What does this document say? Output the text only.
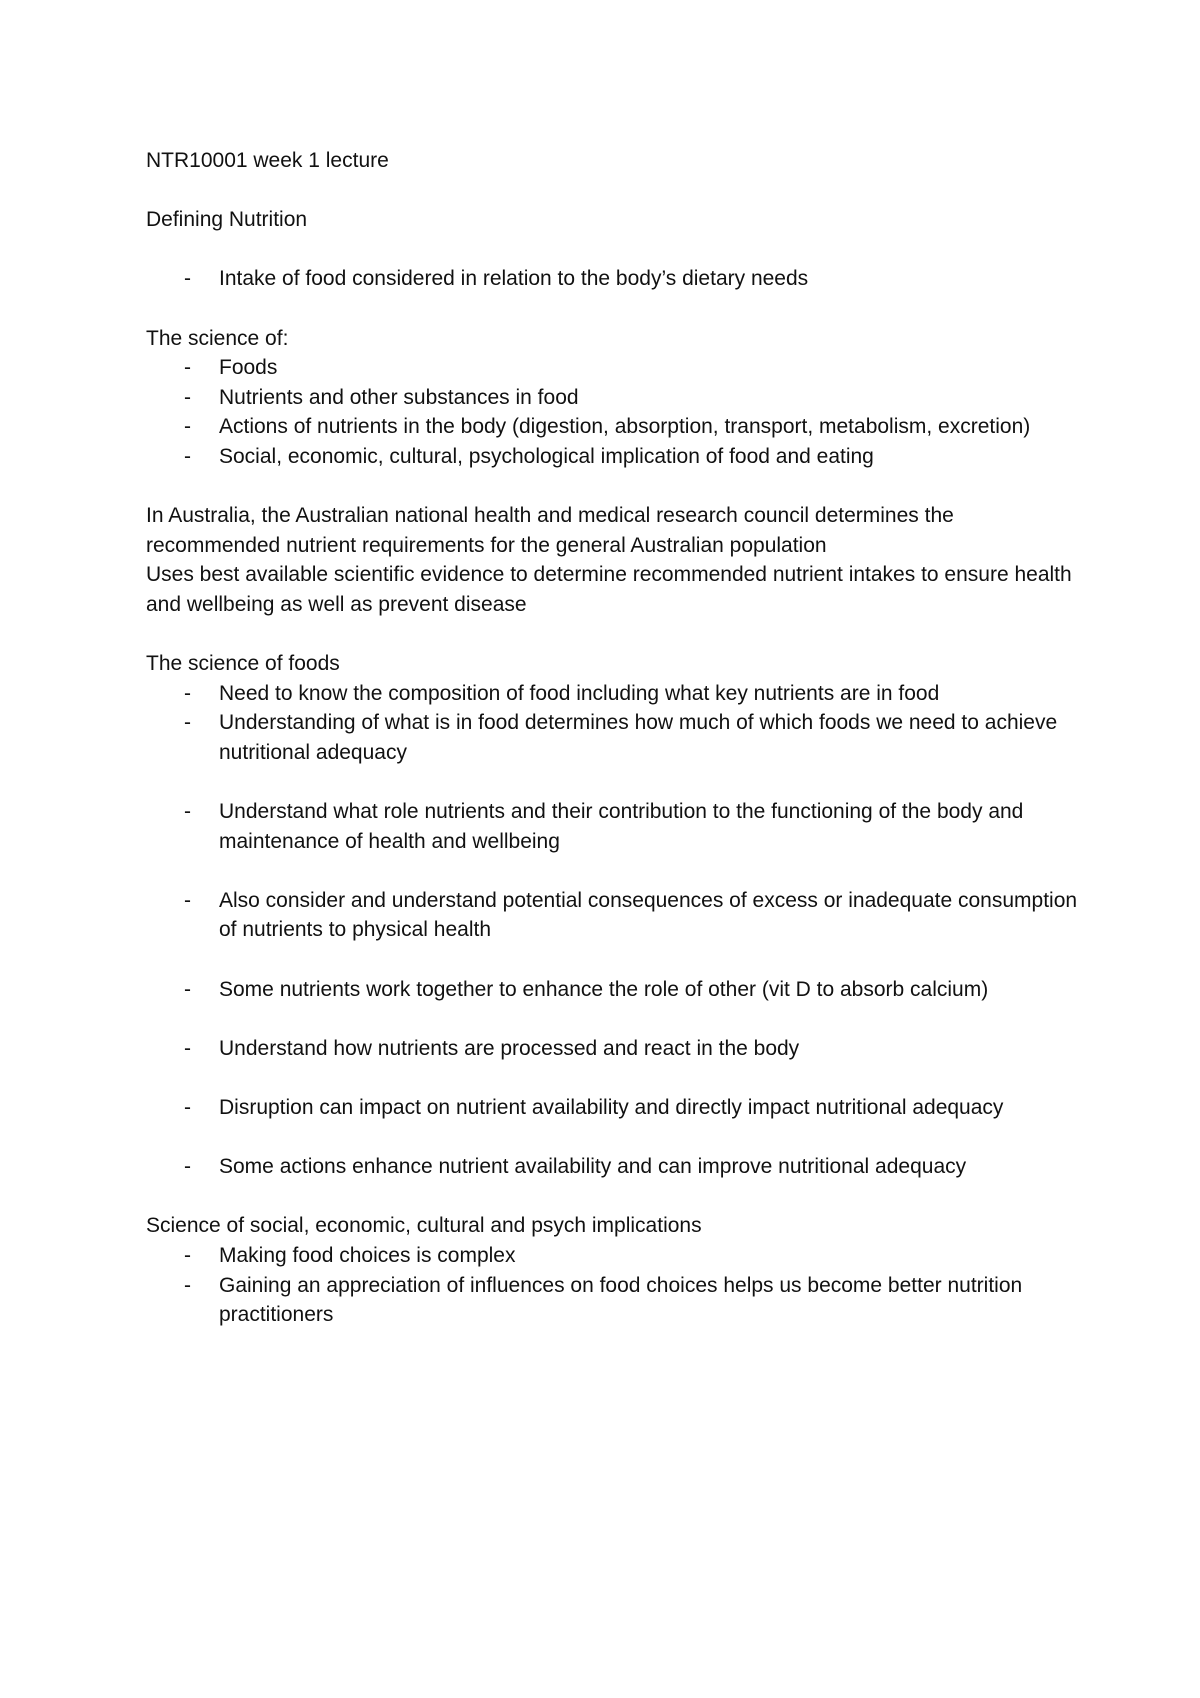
NTR10001 week 1 lecture

Defining Nutrition

- Intake of food considered in relation to the body’s dietary needs

The science of:

- Foods
- Nutrients and other substances in food
- Actions of nutrients in the body (digestion, absorption, transport, metabolism, excretion)
- Social, economic, cultural, psychological implication of food and eating

In Australia, the Australian national health and medical research council determines the recommended nutrient requirements for the general Australian population

Uses best available scientific evidence to determine recommended nutrient intakes to ensure health and wellbeing as well as prevent disease

The science of foods

- Need to know the composition of food including what key nutrients are in food
- Understanding of what is in food determines how much of which foods we need to achieve nutritional adequacy
- Understand what role nutrients and their contribution to the functioning of the body and maintenance of health and wellbeing
- Also consider and understand potential consequences of excess or inadequate consumption of nutrients to physical health
- Some nutrients work together to enhance the role of other (vit D to absorb calcium)
- Understand how nutrients are processed and react in the body
- Disruption can impact on nutrient availability and directly impact nutritional adequacy
- Some actions enhance nutrient availability and can improve nutritional adequacy

Science of social, economic, cultural and psych implications

- Making food choices is complex
- Gaining an appreciation of influences on food choices helps us become better nutrition practitioners
